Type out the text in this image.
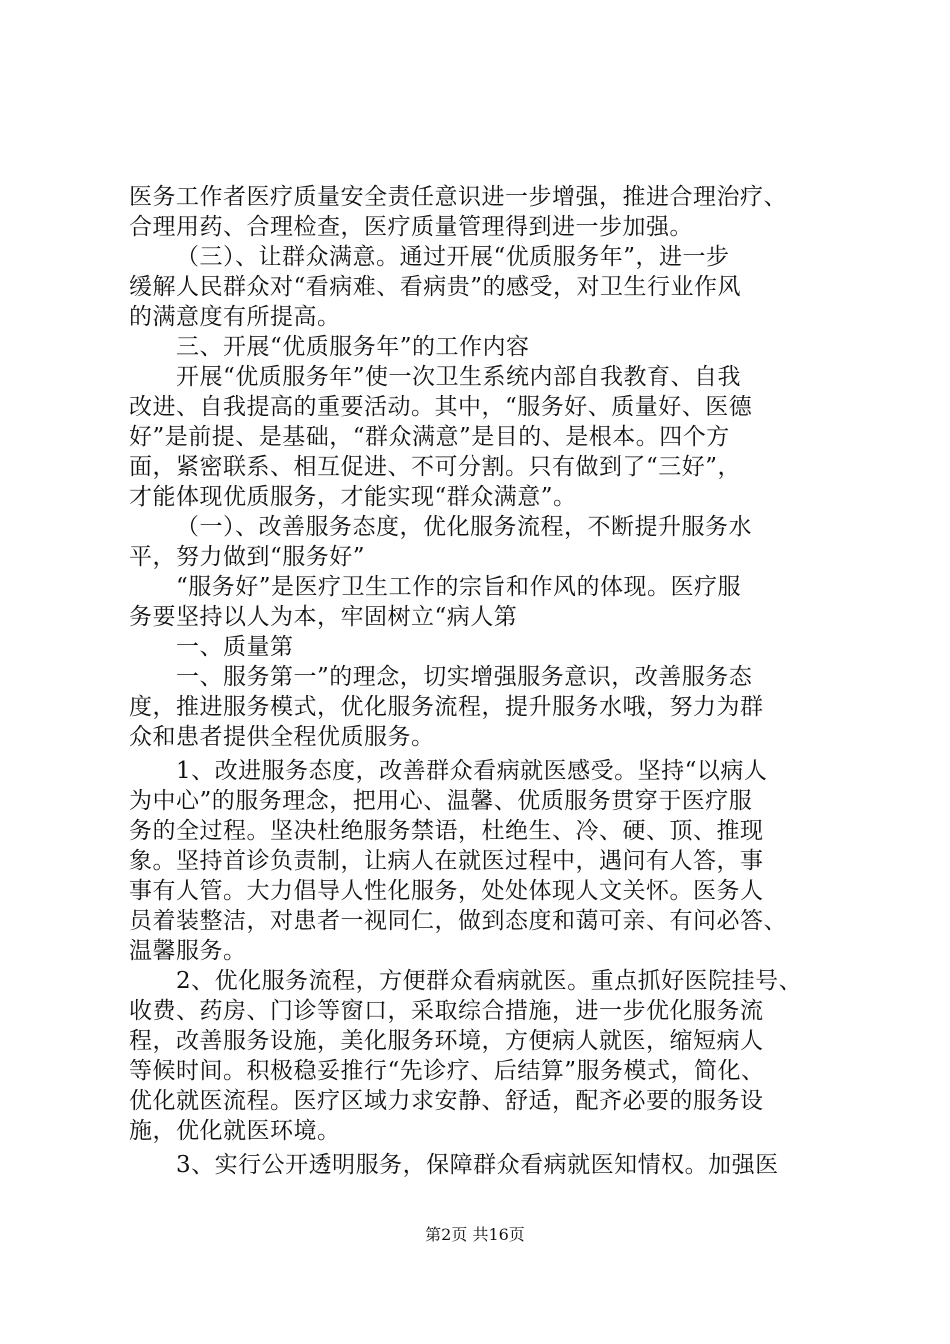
医务工作者医疗质量安全责任意识进一步增强，推进合理治疗、
合理用药、合理检查，医疗质量管理得到进一步加强。
（三）、让群众满意。通过开展“优质服务年”，进一步
缓解人民群众对“看病难、看病贵”的感受，对卫生行业作风
的满意度有所提高。
三、开展“优质服务年”的工作内容
开展“优质服务年”使一次卫生系统内部自我教育、自我
改进、自我提高的重要活动。其中，“服务好、质量好、医德
好”是前提、是基础，“群众满意”是目的、是根本。四个方
面，紧密联系、相互促进、不可分割。只有做到了“三好”，
才能体现优质服务，才能实现“群众满意”。
（一）、改善服务态度，优化服务流程，不断提升服务水
平，努力做到“服务好”
“服务好”是医疗卫生工作的宗旨和作风的体现。医疗服
务要坚持以人为本，牢固树立“病人第
一、质量第
一、服务第一”的理念，切实增强服务意识，改善服务态
度，推进服务模式，优化服务流程，提升服务水哦，努力为群
众和患者提供全程优质服务。
1、改进服务态度，改善群众看病就医感受。坚持“以病人
为中心”的服务理念，把用心、温馨、优质服务贯穿于医疗服
务的全过程。坚决杜绝服务禁语，杜绝生、冷、硬、顶、推现
象。坚持首诊负责制，让病人在就医过程中，遇问有人答，事
事有人管。大力倡导人性化服务，处处体现人文关怀。医务人
员着装整洁，对患者一视同仁，做到态度和蔼可亲、有问必答、
温馨服务。
2、优化服务流程，方便群众看病就医。重点抓好医院挂号、
收费、药房、门诊等窗口，采取综合措施，进一步优化服务流
程，改善服务设施，美化服务环境，方便病人就医，缩短病人
等候时间。积极稳妥推行“先诊疗、后结算”服务模式，简化、
优化就医流程。医疗区域力求安静、舒适，配齐必要的服务设
施，优化就医环境。
3、实行公开透明服务，保障群众看病就医知情权。加强医
第2页 共16页
